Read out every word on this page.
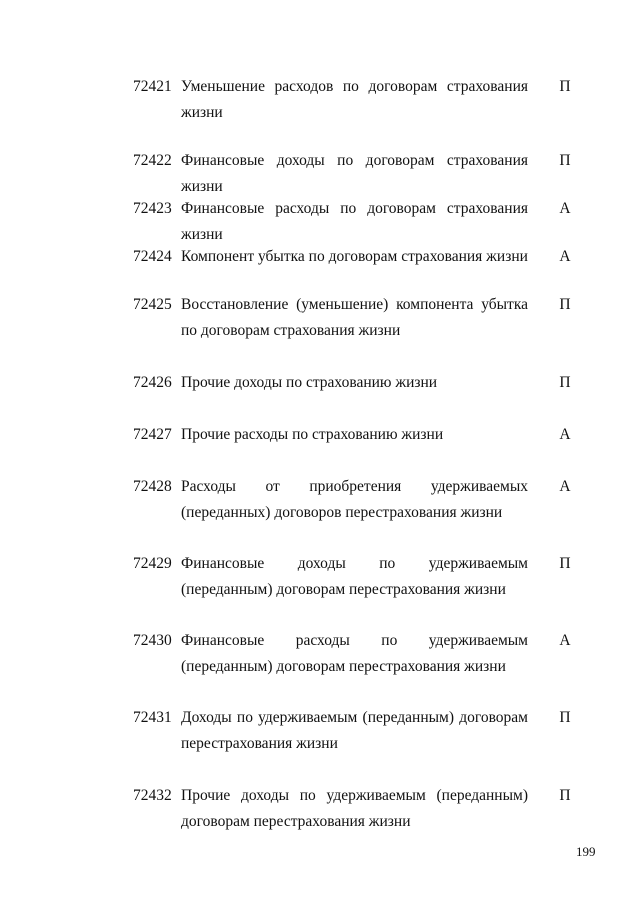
72421 Уменьшение расходов по договорам страхования жизни
П
72422 Финансовые доходы по договорам страхования жизни
П
72423 Финансовые расходы по договорам страхования жизни
А
72424 Компонент убытка по договорам страхования жизни А
72425 Восстановление (уменьшение) компонента убытка по договорам страхования жизни
П
72426 Прочие доходы по страхованию жизни	П
72427 Прочие расходы по страхованию жизни	А
72428 Расходы от приобретения удерживаемых (переданных) договоров перестрахования жизни
А
72429 Финансовые доходы по удерживаемым (переданным) договорам перестрахования жизни
П
72430 Финансовые расходы по удерживаемым (переданным) договорам перестрахования жизни
А
72431 Доходы по удерживаемым (переданным) договорам перестрахования жизни
П
72432 Прочие доходы по удерживаемым (переданным) договорам перестрахования жизни
П
199
